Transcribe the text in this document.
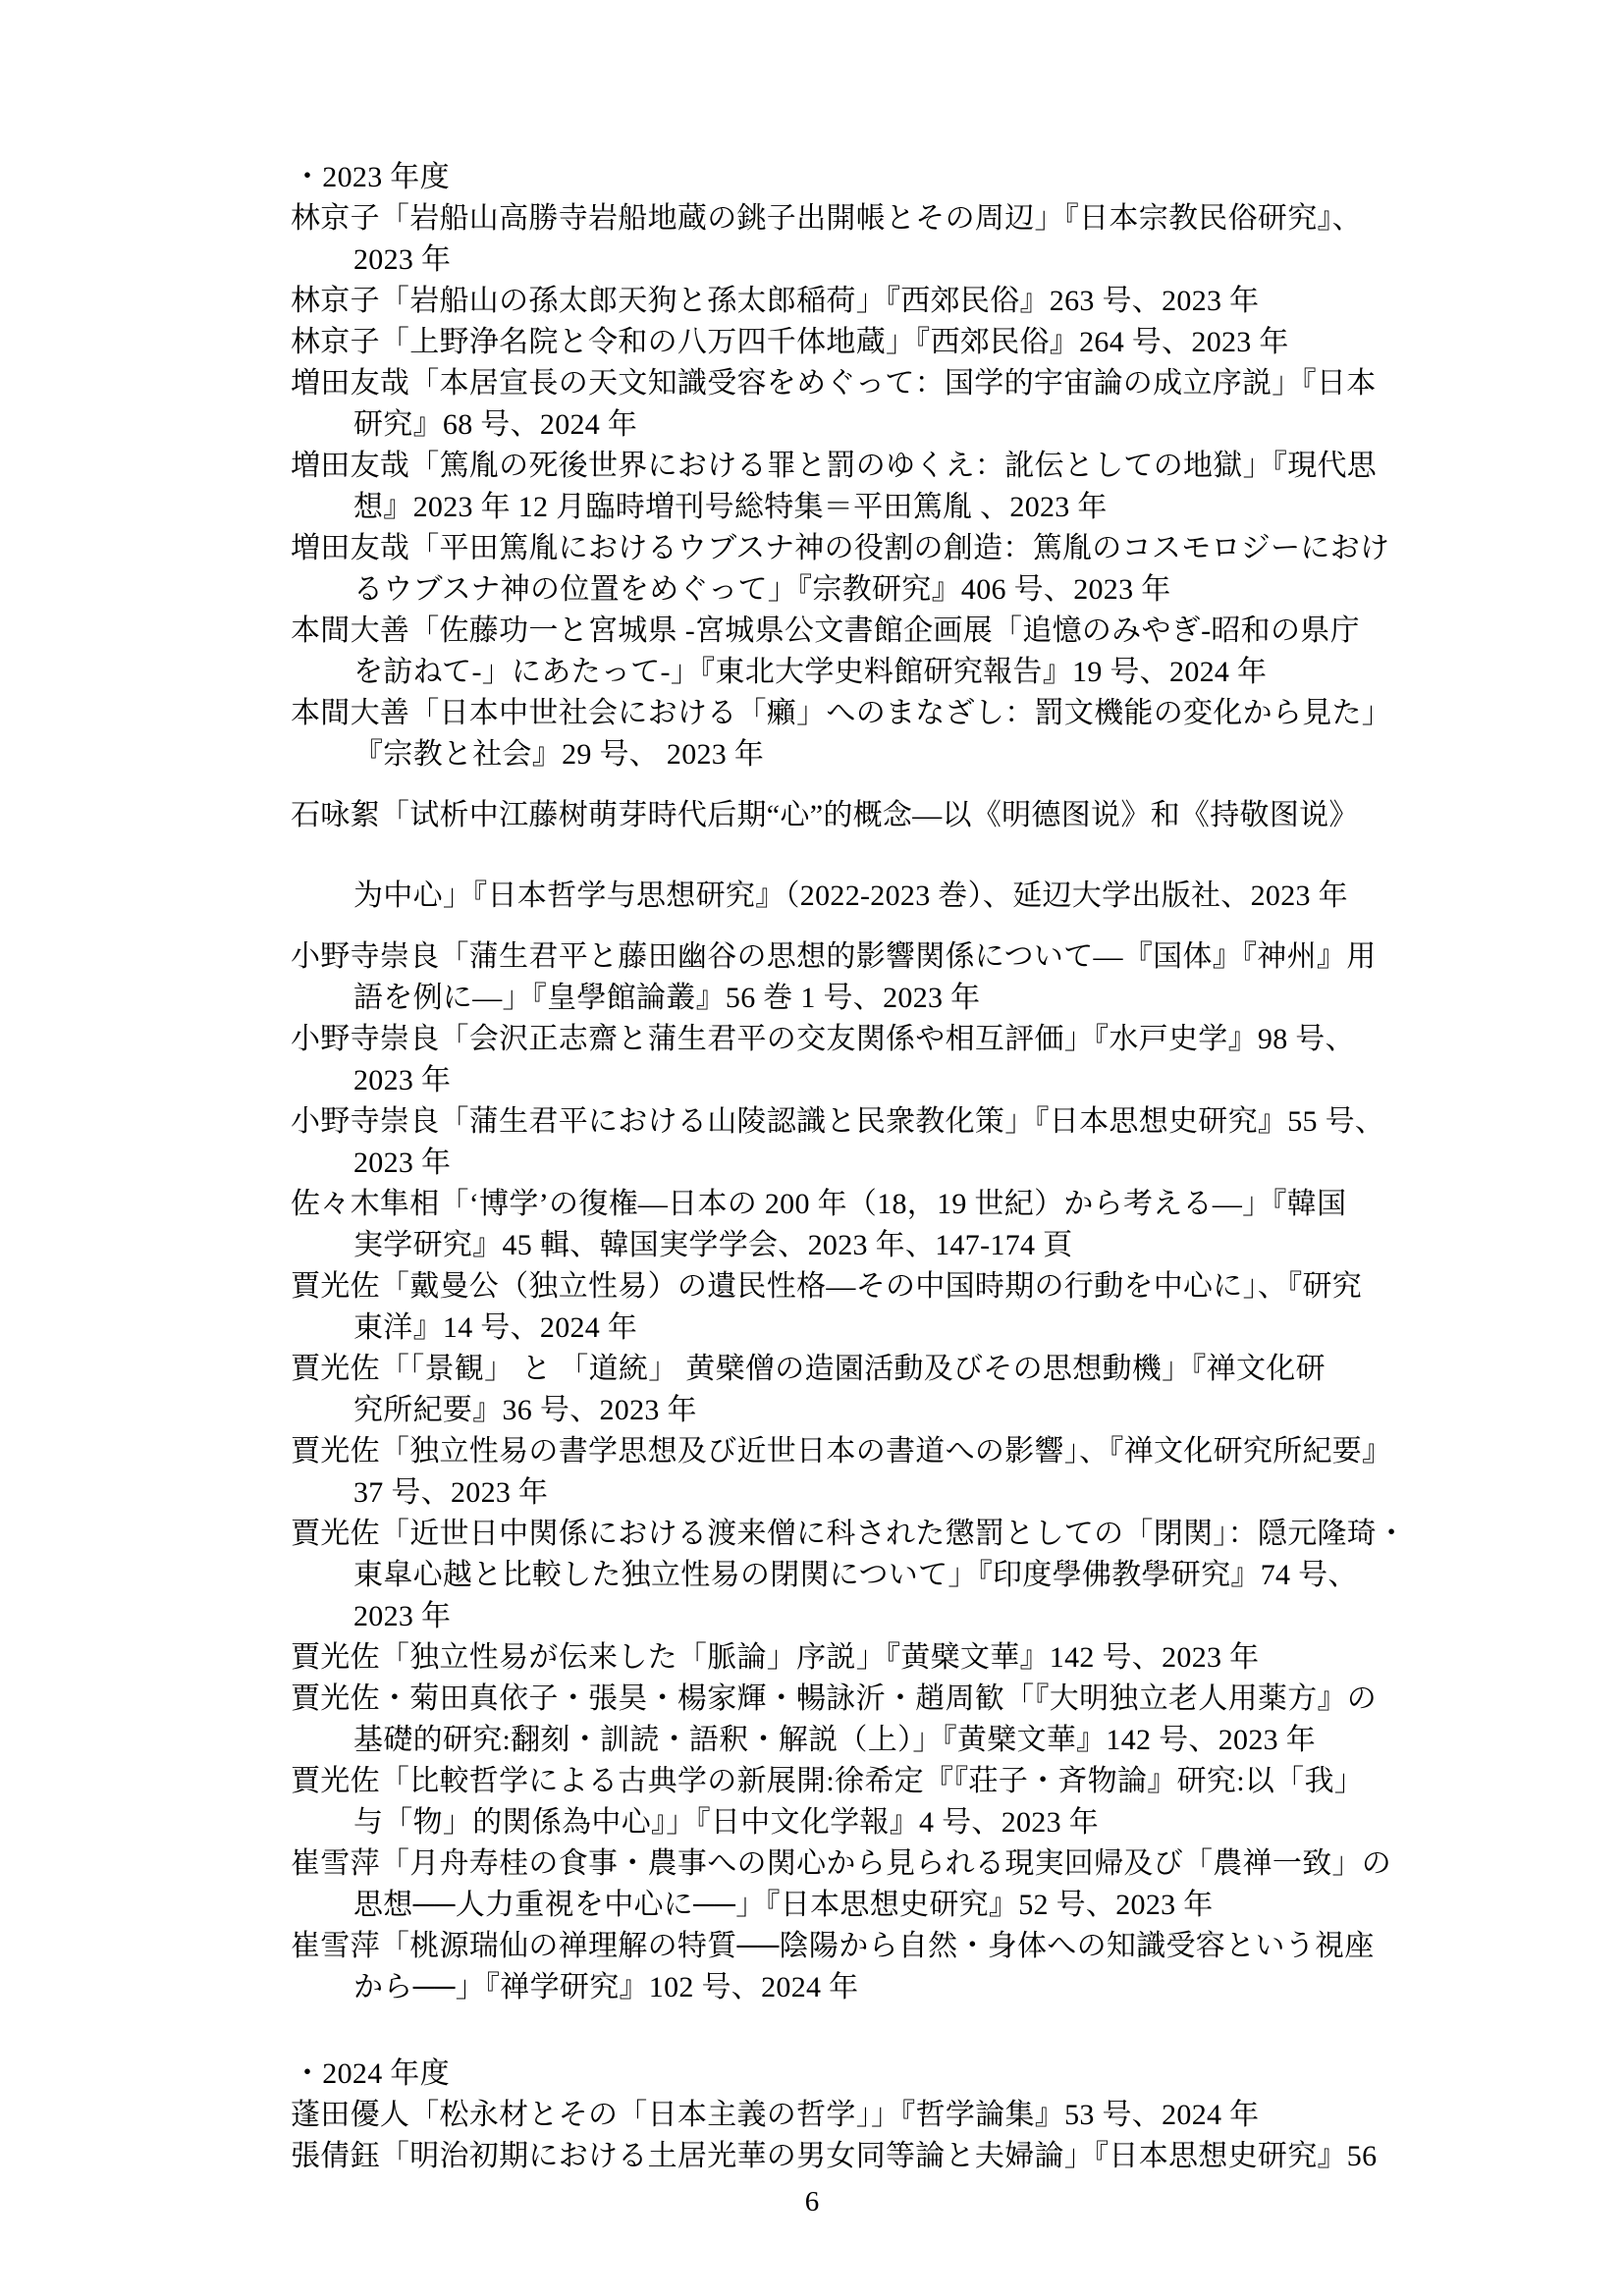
・2023 年度
林京子「岩船山高勝寺岩船地蔵の銚子出開帳とその周辺」『日本宗教民俗研究』、
2023 年
林京子「岩船山の孫太郎天狗と孫太郎稲荷」『西郊民俗』263 号、2023 年
林京子「上野浄名院と令和の八万四千体地蔵」『西郊民俗』264 号、2023 年
増田友哉「本居宣長の天文知識受容をめぐって：国学的宇宙論の成立序説」『日本
研究』68 号、2024 年
増田友哉「篤胤の死後世界における罪と罰のゆくえ：訛伝としての地獄」『現代思
想』2023 年 12 月臨時増刊号総特集＝平田篤胤 、2023 年
増田友哉「平田篤胤におけるウブスナ神の役割の創造：篤胤のコスモロジーにおけ
るウブスナ神の位置をめぐって」『宗教研究』406 号、2023 年
本間大善「佐藤功一と宮城県 -宮城県公文書館企画展「追憶のみやぎ-昭和の県庁
を訪ねて-」にあたって-」『東北大学史料館研究報告』19 号、2024 年
本間大善「日本中世社会における「癩」へのまなざし：罰文機能の変化から見た」
『宗教と社会』29 号、 2023 年
石咏絮「试析中江藤树萌芽時代后期“心”的概念—以《明德图说》和《持敬图说》
为中心」『日本哲学与思想研究』（2022-2023 巻）、延辺大学出版社、2023 年
小野寺崇良「蒲生君平と藤田幽谷の思想的影響関係について―『国体』『神州』用
語を例に―」『皇學館論叢』56 巻 1 号、2023 年
小野寺崇良「会沢正志齋と蒲生君平の交友関係や相互評価」『水戸史学』98 号、
2023 年
小野寺崇良「蒲生君平における山陵認識と民衆教化策」『日本思想史研究』55 号、
2023 年
佐々木隼相「‘博学’の復権―日本の 200 年（18，19 世紀）から考える―」『韓国
実学研究』45 輯、韓国実学学会、2023 年、147-174 頁
賈光佐「戴曼公（独立性易）の遺民性格―その中国時期の行動を中心に」、『研究
東洋』14 号、2024 年
賈光佐「「景観」 と 「道統」 黄檗僧の造園活動及びその思想動機」『禅文化研
究所紀要』36 号、2023 年
賈光佐「独立性易の書学思想及び近世日本の書道への影響」、『禅文化研究所紀要』
37 号、2023 年
賈光佐「近世日中関係における渡来僧に科された懲罰としての「閉関」：隠元隆琦・
東皐心越と比較した独立性易の閉関について」『印度學佛教學研究』74 号、
2023 年
賈光佐「独立性易が伝来した「脈論」序説」『黄檗文華』142 号、2023 年
賈光佐・菊田真依子・張昊・楊家輝・暢詠沂・趙周歓「『大明独立老人用薬方』の
基礎的研究:翻刻・訓読・語釈・解説（上）」『黄檗文華』142 号、2023 年
賈光佐「比較哲学による古典学の新展開:徐希定『『荘子・斉物論』研究:以「我」
与「物」的関係為中心』」『日中文化学報』4 号、2023 年
崔雪萍「月舟寿桂の食事・農事への関心から見られる現実回帰及び「農禅一致」の
思想──人力重視を中心に──」『日本思想史研究』52 号、2023 年
崔雪萍「桃源瑞仙の禅理解の特質──陰陽から自然・身体への知識受容という視座
から──」『禅学研究』102 号、2024 年
・2024 年度
蓬田優人「松永材とその「日本主義の哲学」」『哲学論集』53 号、2024 年
張倩鈺「明治初期における土居光華の男女同等論と夫婦論」『日本思想史研究』56
6
